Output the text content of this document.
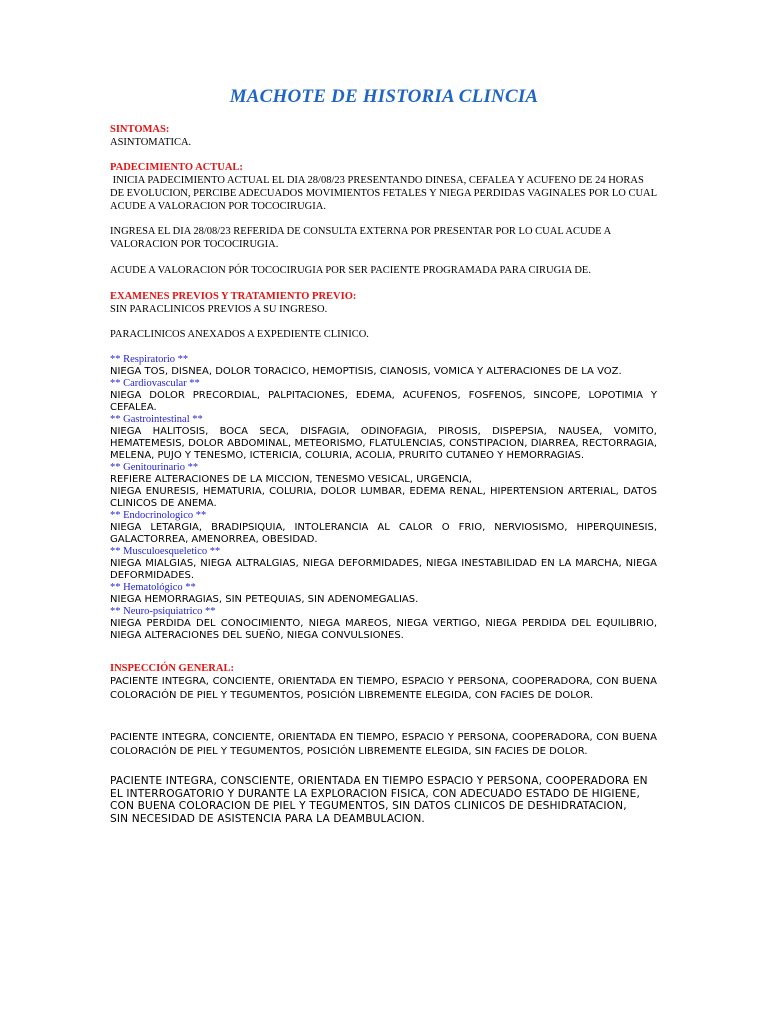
MACHOTE DE HISTORIA CLINCIA
SINTOMAS:
ASINTOMATICA.
PADECIMIENTO ACTUAL:
INICIA PADECIMIENTO ACTUAL EL DIA 28/08/23 PRESENTANDO DINESA, CEFALEA Y ACUFENO DE 24 HORAS DE EVOLUCION, PERCIBE ADECUADOS MOVIMIENTOS FETALES Y NIEGA PERDIDAS VAGINALES POR LO CUAL ACUDE A VALORACION POR TOCOCIRUGIA.
INGRESA EL DIA 28/08/23 REFERIDA DE CONSULTA EXTERNA POR PRESENTAR POR LO CUAL ACUDE A VALORACION POR TOCOCIRUGIA.
ACUDE A VALORACION PÓR TOCOCIRUGIA POR SER PACIENTE PROGRAMADA PARA CIRUGIA DE.
EXAMENES PREVIOS Y TRATAMIENTO PREVIO:
SIN PARACLINICOS PREVIOS A SU INGRESO.
PARACLINICOS ANEXADOS A EXPEDIENTE CLINICO.
** Respiratorio **
NIEGA TOS, DISNEA, DOLOR TORACICO, HEMOPTISIS, CIANOSIS, VOMICA Y ALTERACIONES DE LA VOZ.
** Cardiovascular **
NIEGA DOLOR PRECORDIAL, PALPITACIONES, EDEMA, ACUFENOS, FOSFENOS, SINCOPE, LOPOTIMIA Y CEFALEA.
** Gastrointestinal **
NIEGA HALITOSIS, BOCA SECA, DISFAGIA, ODINOFAGIA, PIROSIS, DISPEPSIA, NAUSEA, VOMITO, HEMATEMESIS, DOLOR ABDOMINAL, METEORISMO, FLATULENCIAS, CONSTIPACION, DIARREA, RECTORRAGIA, MELENA, PUJO Y TENESMO, ICTERICIA, COLURIA, ACOLIA, PRURITO CUTANEO Y HEMORRAGIAS.
** Genitourinario **
REFIERE ALTERACIONES DE LA MICCION, TENESMO VESICAL, URGENCIA,
NIEGA ENURESIS, HEMATURIA, COLURIA, DOLOR LUMBAR, EDEMA RENAL, HIPERTENSION ARTERIAL, DATOS CLINICOS DE ANEMA.
** Endocrinologico **
NIEGA LETARGIA, BRADIPSIQUIA, INTOLERANCIA AL CALOR O FRIO, NERVIOSISMO, HIPERQUINESIS, GALACTORREA, AMENORREA, OBESIDAD.
** Musculoesqueletico **
NIEGA MIALGIAS, NIEGA ALTRALGIAS, NIEGA DEFORMIDADES, NIEGA INESTABILIDAD EN LA MARCHA, NIEGA DEFORMIDADES.
** Hematológico **
NIEGA HEMORRAGIAS, SIN PETEQUIAS, SIN ADENOMEGALIAS.
** Neuro-psiquiatrico **
NIEGA PERDIDA DEL CONOCIMIENTO, NIEGA MAREOS, NIEGA VERTIGO, NIEGA PERDIDA DEL EQUILIBRIO, NIEGA ALTERACIONES DEL SUEÑO, NIEGA CONVULSIONES.
INSPECCIÓN GENERAL:
PACIENTE INTEGRA, CONCIENTE, ORIENTADA EN TIEMPO, ESPACIO Y PERSONA, COOPERADORA, CON BUENA COLORACIÓN DE PIEL Y TEGUMENTOS, POSICIÓN LIBREMENTE ELEGIDA, CON FACIES DE DOLOR.
PACIENTE INTEGRA, CONCIENTE, ORIENTADA EN TIEMPO, ESPACIO Y PERSONA, COOPERADORA, CON BUENA COLORACIÓN DE PIEL Y TEGUMENTOS, POSICIÓN LIBREMENTE ELEGIDA, SIN FACIES DE DOLOR.
PACIENTE INTEGRA, CONSCIENTE, ORIENTADA EN TIEMPO ESPACIO Y PERSONA, COOPERADORA EN
EL INTERROGATORIO Y DURANTE LA EXPLORACION FISICA, CON ADECUADO ESTADO DE HIGIENE,
CON BUENA COLORACION DE PIEL Y TEGUMENTOS, SIN DATOS CLINICOS DE DESHIDRATACION,
SIN NECESIDAD DE ASISTENCIA PARA LA DEAMBULACION.
